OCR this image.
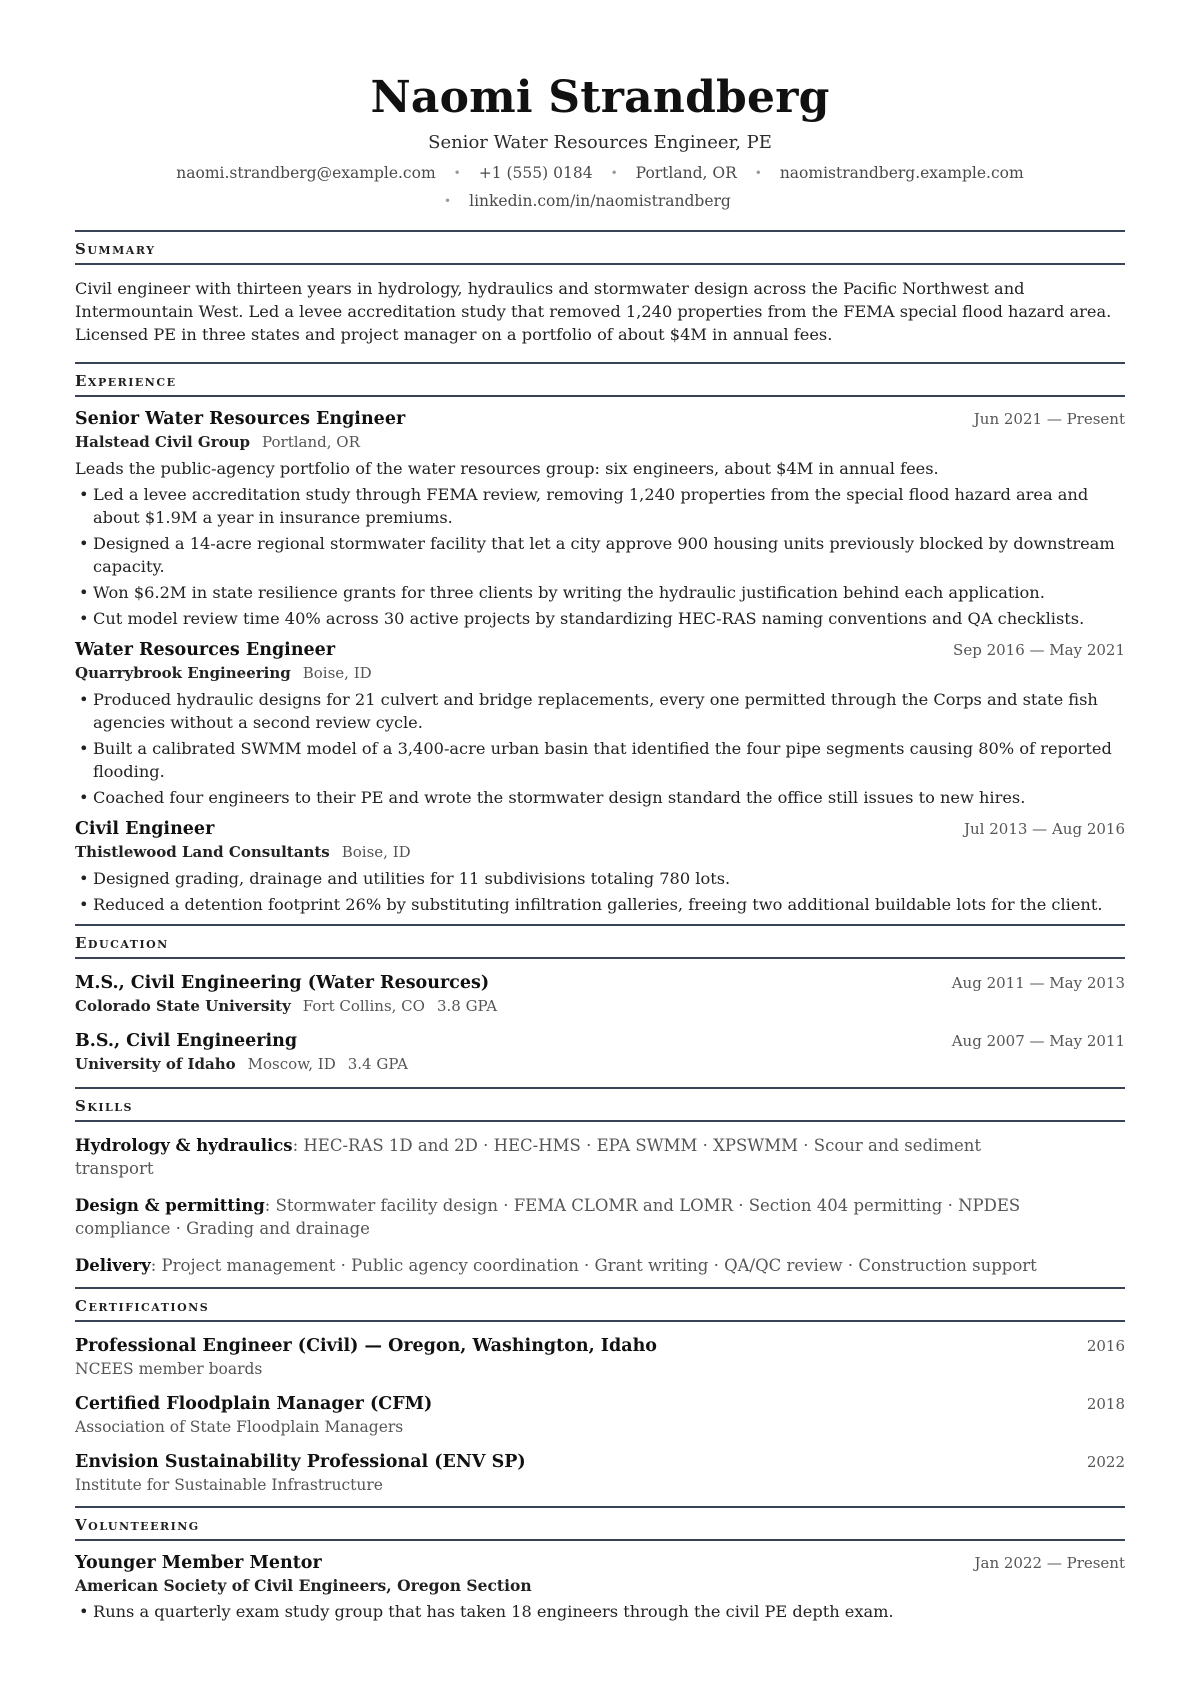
Naomi Strandberg
Senior Water Resources Engineer, PE
naomi.strandberg@example.com • +1 (555) 0184 • Portland, OR • naomistrandberg.example.com
• linkedin.com/in/naomistrandberg
Summary
Civil engineer with thirteen years in hydrology, hydraulics and stormwater design across the Pacific Northwest and Intermountain West. Led a levee accreditation study that removed 1,240 properties from the FEMA special flood hazard area. Licensed PE in three states and project manager on a portfolio of about $4M in annual fees.
Experience
Senior Water Resources Engineer	Jun 2021 — Present
Halstead Civil Group Portland, OR
Leads the public-agency portfolio of the water resources group: six engineers, about $4M in annual fees.
• Led a levee accreditation study through FEMA review, removing 1,240 properties from the special flood hazard area and about $1.9M a year in insurance premiums.
• Designed a 14-acre regional stormwater facility that let a city approve 900 housing units previously blocked by downstream capacity.
• Won $6.2M in state resilience grants for three clients by writing the hydraulic justification behind each application.
• Cut model review time 40% across 30 active projects by standardizing HEC-RAS naming conventions and QA checklists.
Water Resources Engineer	Sep 2016 — May 2021
Quarrybrook Engineering Boise, ID
• Produced hydraulic designs for 21 culvert and bridge replacements, every one permitted through the Corps and state fish agencies without a second review cycle.
• Built a calibrated SWMM model of a 3,400-acre urban basin that identified the four pipe segments causing 80% of reported flooding.
• Coached four engineers to their PE and wrote the stormwater design standard the office still issues to new hires.
Civil Engineer	Jul 2013 — Aug 2016
Thistlewood Land Consultants Boise, ID
• Designed grading, drainage and utilities for 11 subdivisions totaling 780 lots.
• Reduced a detention footprint 26% by substituting infiltration galleries, freeing two additional buildable lots for the client.
Education
M.S., Civil Engineering (Water Resources)	Aug 2011 — May 2013
Colorado State University Fort Collins, CO 3.8 GPA
B.S., Civil Engineering	Aug 2007 — May 2011
University of Idaho Moscow, ID 3.4 GPA
Skills
Hydrology & hydraulics: HEC-RAS 1D and 2D · HEC-HMS · EPA SWMM · XPSWMM · Scour and sediment transport
Design & permitting: Stormwater facility design · FEMA CLOMR and LOMR · Section 404 permitting · NPDES compliance · Grading and drainage
Delivery: Project management · Public agency coordination · Grant writing · QA/QC review · Construction support
Certifications
Professional Engineer (Civil) — Oregon, Washington, Idaho	2016
NCEES member boards
Certified Floodplain Manager (CFM)	2018
Association of State Floodplain Managers
Envision Sustainability Professional (ENV SP)	2022
Institute for Sustainable Infrastructure
Volunteering
Younger Member Mentor	Jan 2022 — Present
American Society of Civil Engineers, Oregon Section
• Runs a quarterly exam study group that has taken 18 engineers through the civil PE depth exam.
